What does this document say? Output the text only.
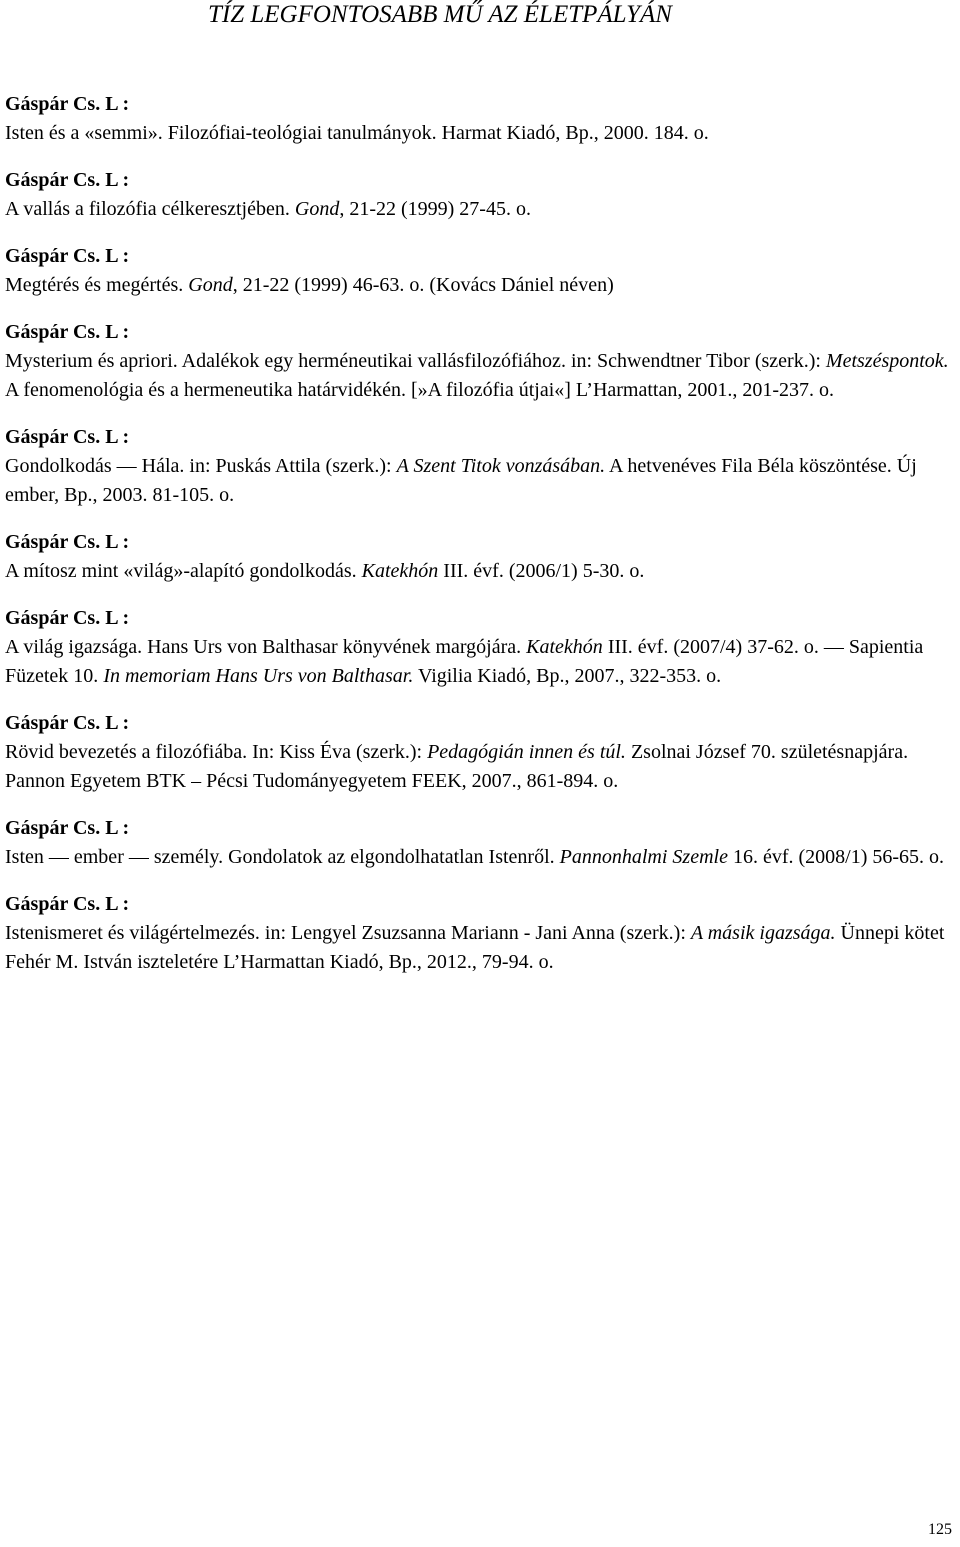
TÍZ LEGFONTOSABB MŰ AZ ÉLETPÁLYÁN
Gáspár Cs. L :
Isten és a «semmi». Filozófiai-teológiai tanulmányok. Harmat Kiadó, Bp., 2000. 184. o.
Gáspár Cs. L :
A vallás a filozófia célkeresztjében. Gond, 21-22 (1999) 27-45. o.
Gáspár Cs. L :
Megtérés és megértés. Gond, 21-22 (1999) 46-63. o. (Kovács Dániel néven)
Gáspár Cs. L :
Mysterium és apriori. Adalékok egy herméneutikai vallásfilozófiához. in: Schwendtner Tibor (szerk.): Metszéspontok. A fenomenológia és a hermeneutika határvidékén. [»A filozófia útjai«] L’Harmattan, 2001., 201-237. o.
Gáspár Cs. L :
Gondolkodás — Hála. in: Puskás Attila (szerk.): A Szent Titok vonzásában. A hetvenéves Fila Béla köszöntése. Új ember, Bp., 2003. 81-105. o.
Gáspár Cs. L :
A mítosz mint «világ»-alapító gondolkodás. Katekhón III. évf. (2006/1) 5-30. o.
Gáspár Cs. L :
A világ igazsága. Hans Urs von Balthasar könyvének margójára. Katekhón III. évf. (2007/4) 37-62. o. — Sapientia Füzetek 10. In memoriam Hans Urs von Balthasar. Vigilia Kiadó, Bp., 2007., 322-353. o.
Gáspár Cs. L :
Rövid bevezetés a filozófiába. In: Kiss Éva (szerk.): Pedagógián innen és túl. Zsolnai József 70. születésnapjára. Pannon Egyetem BTK – Pécsi Tudományegyetem FEEK, 2007., 861-894. o.
Gáspár Cs. L :
Isten — ember — személy. Gondolatok az elgondolhatatlan Istenről. Pannonhalmi Szemle 16. évf. (2008/1) 56-65. o.
Gáspár Cs. L :
Istenismeret és világértelmezés. in: Lengyel Zsuzsanna Mariann - Jani Anna (szerk.): A másik igazsága. Ünnepi kötet Fehér M. István iszteletére L’Harmattan Kiadó, Bp., 2012., 79-94. o.
125
